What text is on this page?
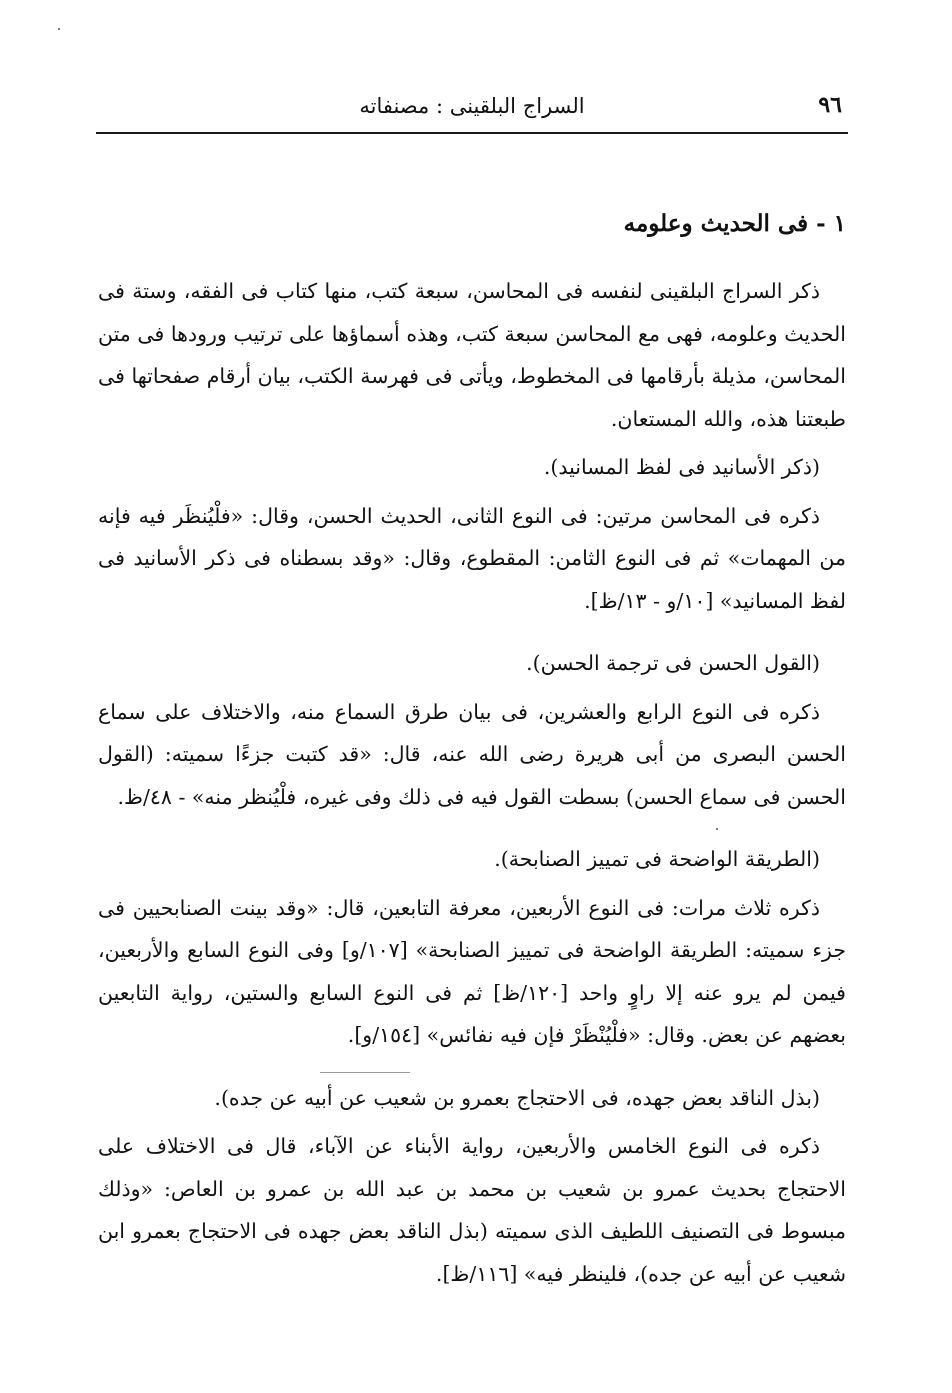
٩٦
السراج البلقينى : مصنفاته
١ - فى الحديث وعلومه

ذكر السراج البلقينى لنفسه فى المحاسن، سبعة كتب، منها كتاب فى الفقه، وستة فى الحديث وعلومه، فهى مع المحاسن سبعة كتب، وهذه أسماؤها على ترتيب ورودها فى متن المحاسن، مذيلة بأرقامها فى المخطوط، ويأتى فى فهرسة الكتب، بيان أرقام صفحاتها فى طبعتنا هذه، والله المستعان.

(ذكر الأسانيد فى لفظ المسانيد).

ذكره فى المحاسن مرتين: فى النوع الثانى، الحديث الحسن، وقال: «فلْيُنظَر فيه فإنه من المهمات» ثم فى النوع الثامن: المقطوع، وقال: «وقد بسطناه فى ذكر الأسانيد فى لفظ المسانيد» [١٠/و - ١٣/ظ].

(القول الحسن فى ترجمة الحسن).

ذكره فى النوع الرابع والعشرين، فى بيان طرق السماع منه، والاختلاف على سماع الحسن البصرى من أبى هريرة رضى الله عنه، قال: «قد كتبت جزءًا سميته: (القول الحسن فى سماع الحسن) بسطت القول فيه فى ذلك وفى غيره، فلْيُنظر منه» - ٤٨/ظ.

(الطريقة الواضحة فى تمييز الصنابحة).

ذكره ثلاث مرات: فى النوع الأربعين، معرفة التابعين، قال: «وقد بينت الصنابحيين فى جزء سميته: الطريقة الواضحة فى تمييز الصنابحة» [١٠٧/و] وفى النوع السابع والأربعين، فيمن لم يرو عنه إلا راوٍ واحد [١٢٠/ظ] ثم فى النوع السابع والستين، رواية التابعين بعضهم عن بعض. وقال: «فلْيُنْظَرْ فإن فيه نفائس» [١٥٤/و].

(بذل الناقد بعض جهده، فى الاحتجاج بعمرو بن شعيب عن أبيه عن جده).

ذكره فى النوع الخامس والأربعين، رواية الأبناء عن الآباء، قال فى الاختلاف على الاحتجاج بحديث عمرو بن شعيب بن محمد بن عبد الله بن عمرو بن العاص: «وذلك مبسوط فى التصنيف اللطيف الذى سميته (بذل الناقد بعض جهده فى الاحتجاج بعمرو ابن شعيب عن أبيه عن جده)، فلينظر فيه» [١١٦/ظ].
